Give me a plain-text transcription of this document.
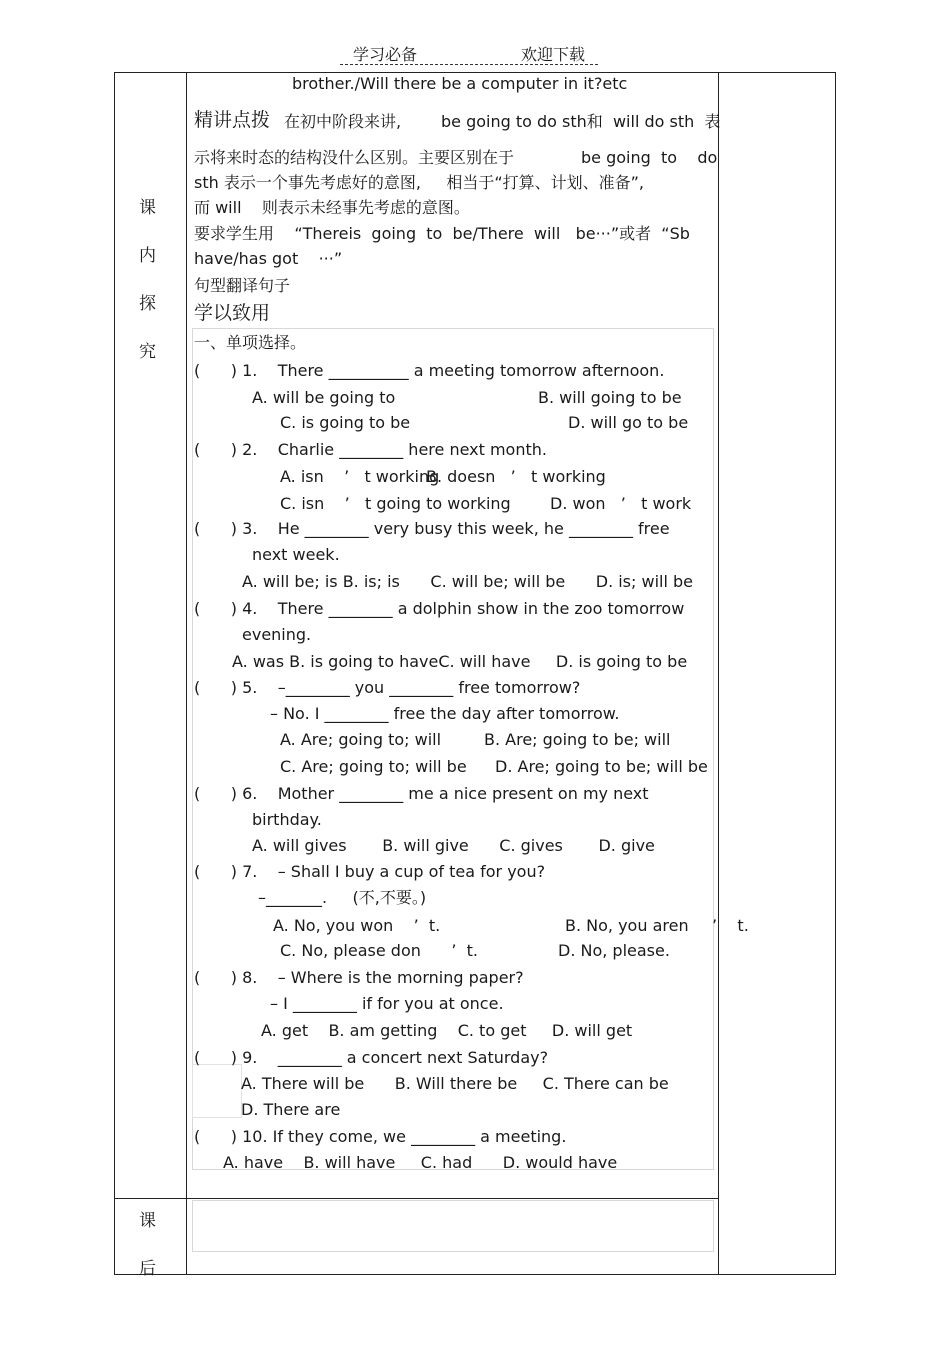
学习必备	欢迎下载
课
内
探
究
课
后
brother./Will there be a computer in it?etc
精讲点拨 在初中阶段来讲, be going to do sth和  will do sth  表
示将来时态的结构没什么区别。主要区别在于	be going  to    do
sth 表示一个事先考虑好的意图,     相当于“打算、计划、准备”,
而 will    则表示未经事先考虑的意图。
要求学生用    “Thereis  going  to  be/There  will   be···”或者  “Sb
have/has got    ···”
句型翻译句子
学以致用
一、单项选择。
(      ) 1.    There __________ a meeting tomorrow afternoon.
A. will be going to	B. will going to be
C. is going to be	D. will go to be
(      ) 2.    Charlie ________ here next month.
A. isn    ’   t working
B. doesn   ’   t working
C. isn    ’   t going to working D. won   ’   t work
(      ) 3.    He ________ very busy this week, he ________ free
next week.
A. will be; is B. is; is      C. will be; will be      D. is; will be
(      ) 4.    There ________ a dolphin show in the zoo tomorrow
evening.
A. was B. is going to haveC. will have     D. is going to be
(      ) 5.    –________ you ________ free tomorrow?
– No. I ________ free the day after tomorrow.
A. Are; going to; will	B. Are; going to be; will
C. Are; going to; will be D. Are; going to be; will be
(      ) 6.    Mother ________ me a nice present on my next
birthday.
A. will gives       B. will give      C. gives       D. give
(      ) 7.    – Shall I buy a cup of tea for you?
–_______.     (不,不要。)
A. No, you won    ’  t.	B. No, you aren ’    t.
C. No, please don      ’  t.	D. No, please.
(      ) 8.    – Where is the morning paper?
– I ________ if for you at once.
A. get    B. am getting    C. to get     D. will get
(      ) 9.    ________ a concert next Saturday?
A. There will be      B. Will there be     C. There can be
D. There are
(      ) 10. If they come, we ________ a meeting.
A. have    B. will have     C. had      D. would have
